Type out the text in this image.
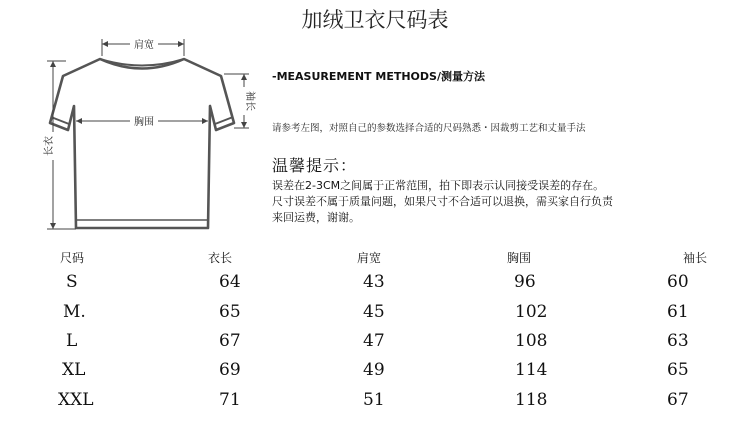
加绒卫衣尺码表
肩宽
胸围
长衣
袖长
-MEASUREMENT METHODS/测量方法
请参考左图，对照自己的参数选择合适的尺码熟悉・因裁剪工艺和丈量手法
温馨提示：
误差在2-3CM之间属于正常范围，拍下即表示认同接受误差的存在。
尺寸误差不属于质量问题，如果尺寸不合适可以退换，需买家自行负责
来回运费，谢谢。
尺码	衣长	肩宽	胸围	袖长
S	64	43	96	60
M.	65	45	102	61
L	67	47	108	63
XL	69	49	114	65
XXL	71	51	118	67
